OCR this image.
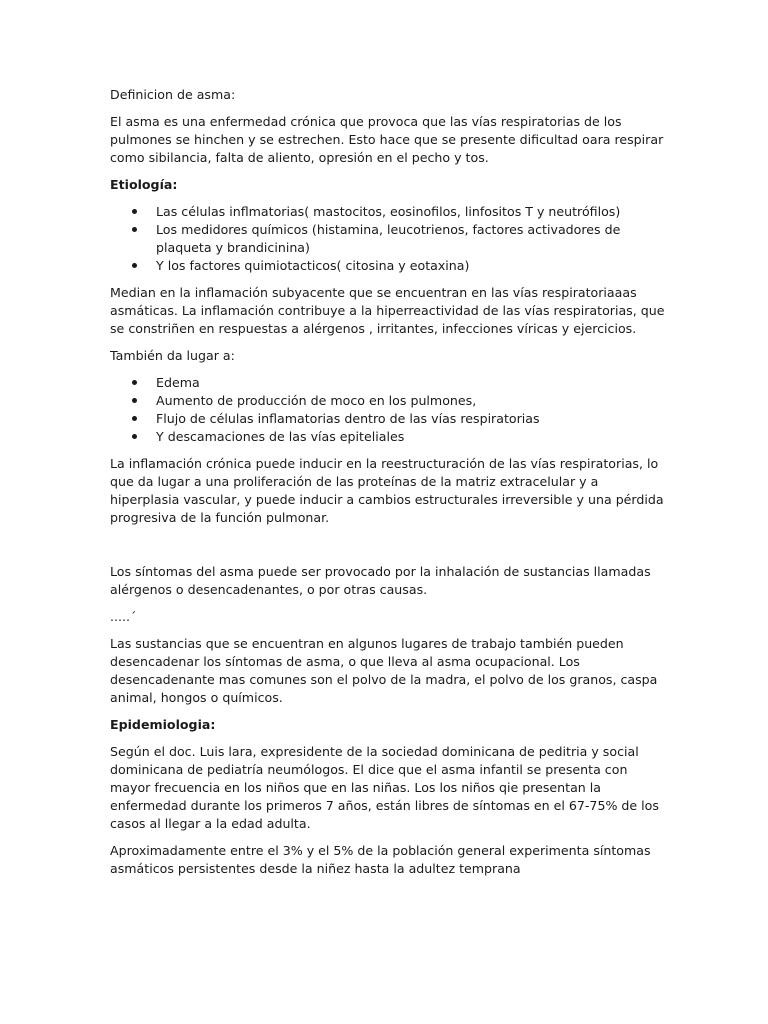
Definicion de asma:

El asma es una enfermedad crónica que provoca que las vías respiratorias de los pulmones se hinchen y se estrechen. Esto hace que se presente dificultad oara respirar como sibilancia, falta de aliento, opresión en el pecho y tos.

Etiología:

Las células inflmatorias( mastocitos, eosinofilos, linfositos T y neutrófilos)
Los medidores químicos (histamina, leucotrienos, factores activadores de plaqueta y brandicinina)
Y los factores quimiotacticos( citosina y eotaxina)

Median en la inflamación subyacente que se encuentran en las vías respiratoriaaas asmáticas. La inflamación contribuye a la hiperreactividad de las vías respiratorias, que se constriñen en respuestas a alérgenos , irritantes, infecciones víricas y ejercicios.

También da lugar a:

Edema
Aumento de producción de moco en los pulmones,
Flujo de células inflamatorias dentro de las vías respiratorias
Y descamaciones de las vías epiteliales

La inflamación crónica puede inducir en la reestructuración de las vías respiratorias, lo que da lugar a una proliferación de las proteínas de la matriz extracelular y a hiperplasia vascular, y puede inducir a cambios estructurales irreversible y una pérdida progresiva de la función pulmonar.

Los síntomas del asma puede ser provocado por la inhalación de sustancias llamadas alérgenos o desencadenantes, o por otras causas.

.....´

Las sustancias que se encuentran en algunos lugares de trabajo también pueden desencadenar los síntomas de asma, o que lleva al asma ocupacional. Los desencadenante mas comunes son el polvo de la madra, el polvo de los granos, caspa animal, hongos o químicos.

Epidemiologia:

Según el doc. Luis lara, expresidente de la sociedad dominicana de peditria y social dominicana de pediatría neumólogos. El dice que el asma infantil se presenta con mayor frecuencia en los niños que en las niñas. Los los niños qie presentan la enfermedad durante los primeros 7 años, están libres de síntomas en el 67-75% de los casos al llegar a la edad adulta.

Aproximadamente entre el 3% y el 5% de la población general experimenta síntomas asmáticos persistentes desde la niñez hasta la adultez temprana
